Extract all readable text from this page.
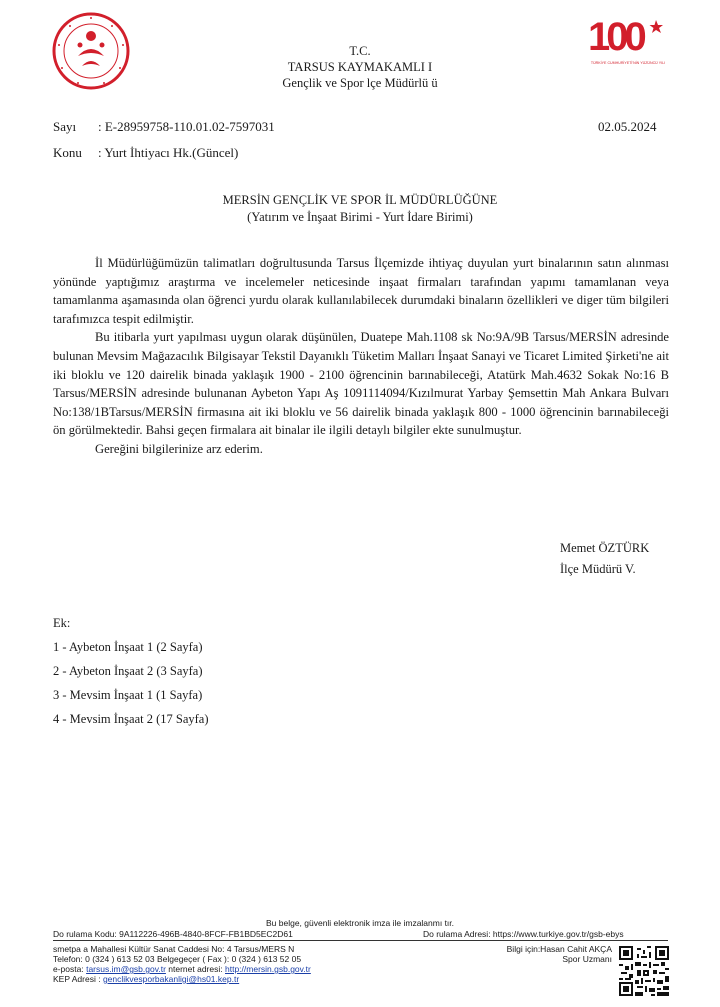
100
TÜRKİYE CUMHURİYETİ'NİN YÜZÜNCÜ YILI
T.C.
TARSUS KAYMAKAMLI I
Gençlik ve Spor lçe Müdürlü ü
Sayı : E-28959758-110.01.02-7597031	02.05.2024
Konu : Yurt İhtiyacı Hk.(Güncel)
MERSİN GENÇLİK VE SPOR İL MÜDÜRLÜĞÜNE
(Yatırım ve İnşaat Birimi - Yurt İdare Birimi)

İl Müdürlüğümüzün talimatları doğrultusunda Tarsus İlçemizde ihtiyaç duyulan yurt binalarının satın alınması yönünde yaptığımız araştırma ve incelemeler neticesinde inşaat firmaları tarafından yapımı tamamlanan veya tamamlanma aşamasında olan öğrenci yurdu olarak kullanılabilecek durumdaki binaların özellikleri ve diger tüm bilgileri tarafımızca tespit edilmiştir.

Bu itibarla yurt yapılması uygun olarak düşünülen, Duatepe Mah.1108 sk No:9A/9B Tarsus/MERSİN adresinde bulunan Mevsim Mağazacılık Bilgisayar Tekstil Dayanıklı Tüketim Malları İnşaat Sanayi ve Ticaret Limited Şirketi'ne ait iki bloklu ve 120 dairelik binada yaklaşık 1900 - 2100 öğrencinin barınabileceği, Atatürk Mah.4632 Sokak No:16 B Tarsus/MERSİN adresinde bulunanan Aybeton Yapı Aş 1091114094/Kızılmurat Yarbay Şemsettin Mah Ankara Bulvarı No:138/1BTarsus/MERSİN firmasına ait iki bloklu ve 56 dairelik binada yaklaşık 800 - 1000 öğrencinin barınabileceği ön görülmektedir. Bahsi geçen firmalara ait binalar ile ilgili detaylı bilgiler ekte sunulmuştur.

Gereğini bilgilerinize arz ederim.

Memet ÖZTÜRK
İlçe Müdürü V.
Ek:
1 - Aybeton İnşaat 1 (2 Sayfa)
2 - Aybeton İnşaat 2 (3 Sayfa)
3 - Mevsim İnşaat 1 (1 Sayfa)
4 - Mevsim İnşaat 2 (17 Sayfa)
Bu belge, güvenli elektronik imza ile imzalanmı tır.
Do rulama Kodu: 9A112226-496B-4840-8FCF-FB1BD5EC2D61	Do rulama Adresi: https://www.turkiye.gov.tr/gsb-ebys
smetpa a Mahallesi Kültür Sanat Caddesi No: 4 Tarsus/MERS N
Telefon: 0 (324 ) 613 52 03 Belgegeçer ( Fax ): 0 (324 ) 613 52 05
e-posta: tarsus.im@gsb.gov.tr nternet adresi: http://mersin.gsb.gov.tr
KEP Adresi : genclikvesporbakanligi@hs01.kep.tr
Bilgi için:Hasan Cahit AKÇA
Spor Uzmanı
